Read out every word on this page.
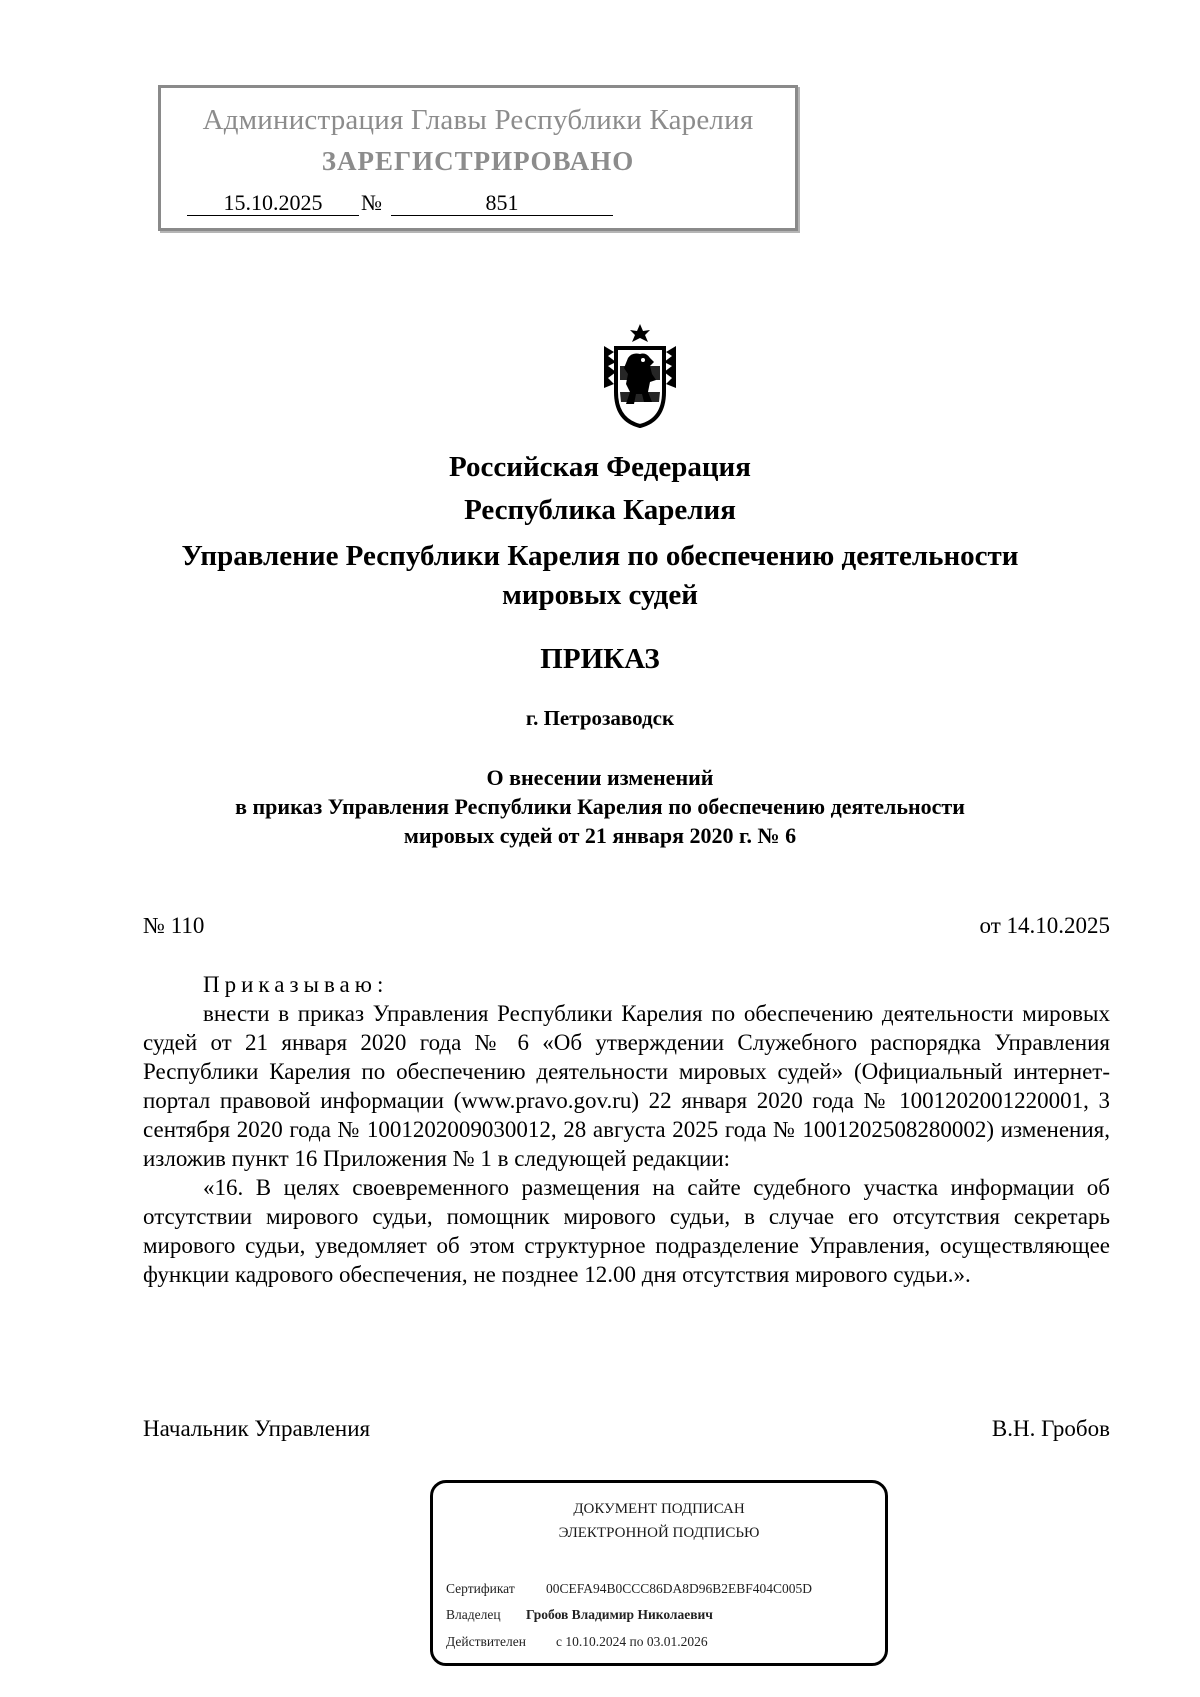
Администрация Главы Республики Карелия
ЗАРЕГИСТРИРОВАНО
15.10.2025	№	851
Российская Федерация
Республика Карелия
Управление Республики Карелия по обеспечению деятельности
мировых судей
ПРИКАЗ
г. Петрозаводск
О внесении изменений
в приказ Управления Республики Карелия по обеспечению деятельности
мировых судей от 21 января 2020 г. № 6
№ 110	от 14.10.2025

Приказываю:

внести в приказ Управления Республики Карелия по обеспечению деятельности мировых судей от 21 января 2020 года № 6 «Об утверждении Служебного распорядка Управления Республики Карелия по обеспечению деятельности мировых судей» (Официальный интернет-портал правовой информации (www.pravo.gov.ru) 22 января 2020 года № 1001202001220001, 3 сентября 2020 года № 1001202009030012, 28 августа 2025 года № 1001202508280002) изменения, изложив пункт 16 Приложения № 1 в следующей редакции:

«16. В целях своевременного размещения на сайте судебного участка информации об отсутствии мирового судьи, помощник мирового судьи, в случае его отсутствия секретарь мирового судьи, уведомляет об этом структурное подразделение Управления, осуществляющее функции кадрового обеспечения, не позднее 12.00 дня отсутствия мирового судьи.».

Начальник Управления	В.Н. Гробов
ДОКУМЕНТ ПОДПИСАН
ЭЛЕКТРОННОЙ ПОДПИСЬЮ
Сертификат 00CEFA94B0CCC86DA8D96B2EBF404C005D
Владелец Гробов Владимир Николаевич
Действителен с 10.10.2024 по 03.01.2026
